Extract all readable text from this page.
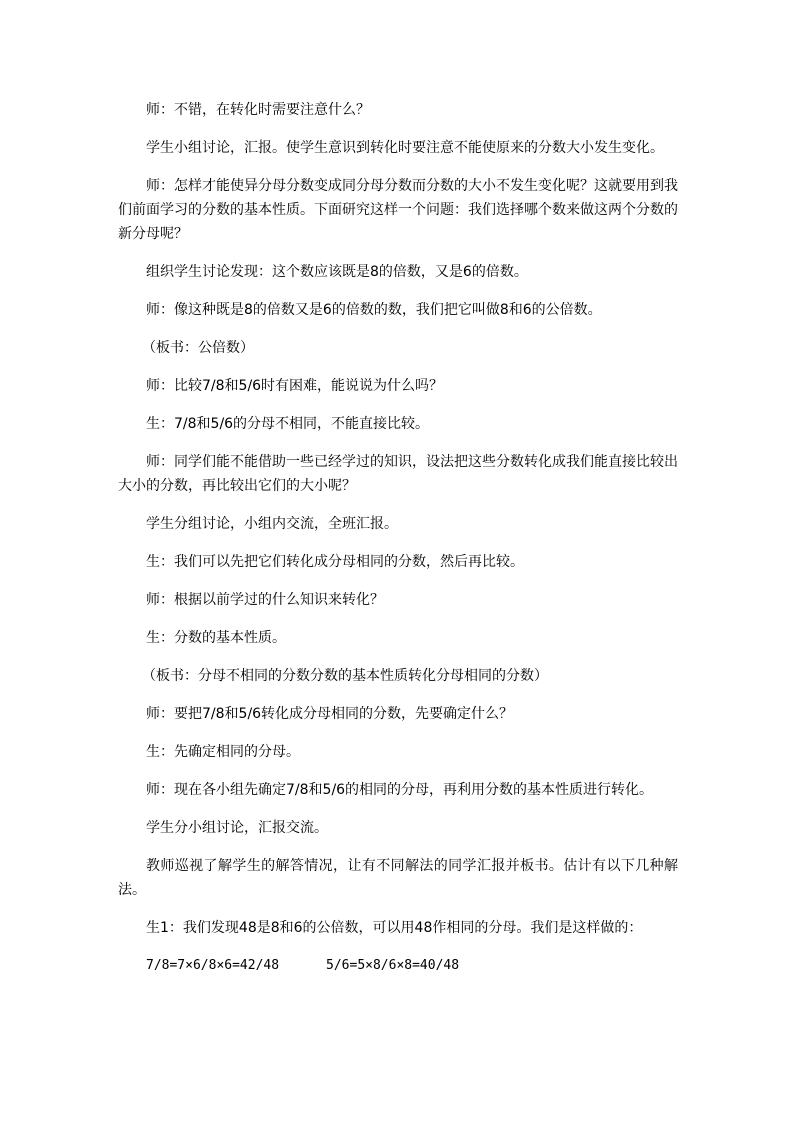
师：不错，在转化时需要注意什么？

学生小组讨论，汇报。使学生意识到转化时要注意不能使原来的分数大小发生变化。

师：怎样才能使异分母分数变成同分母分数而分数的大小不发生变化呢？这就要用到我们前面学习的分数的基本性质。下面研究这样一个问题：我们选择哪个数来做这两个分数的新分母呢？

组织学生讨论发现：这个数应该既是8的倍数，又是6的倍数。

师：像这种既是8的倍数又是6的倍数的数，我们把它叫做8和6的公倍数。

（板书：公倍数）

师：比较7/8和5/6时有困难，能说说为什么吗？

生：7/8和5/6的分母不相同，不能直接比较。

师：同学们能不能借助一些已经学过的知识，设法把这些分数转化成我们能直接比较出大小的分数，再比较出它们的大小呢？

学生分组讨论，小组内交流，全班汇报。

生：我们可以先把它们转化成分母相同的分数，然后再比较。

师：根据以前学过的什么知识来转化？

生：分数的基本性质。

（板书：分母不相同的分数分数的基本性质转化分母相同的分数）

师：要把7/8和5/6转化成分母相同的分数，先要确定什么？

生：先确定相同的分母。

师：现在各小组先确定7/8和5/6的相同的分母，再利用分数的基本性质进行转化。

学生分小组讨论，汇报交流。

教师巡视了解学生的解答情况，让有不同解法的同学汇报并板书。估计有以下几种解法。

生1：我们发现48是8和6的公倍数，可以用48作相同的分母。我们是这样做的：

7/8=7×6/8×6=42/48      5/6=5×8/6×8=40/48
